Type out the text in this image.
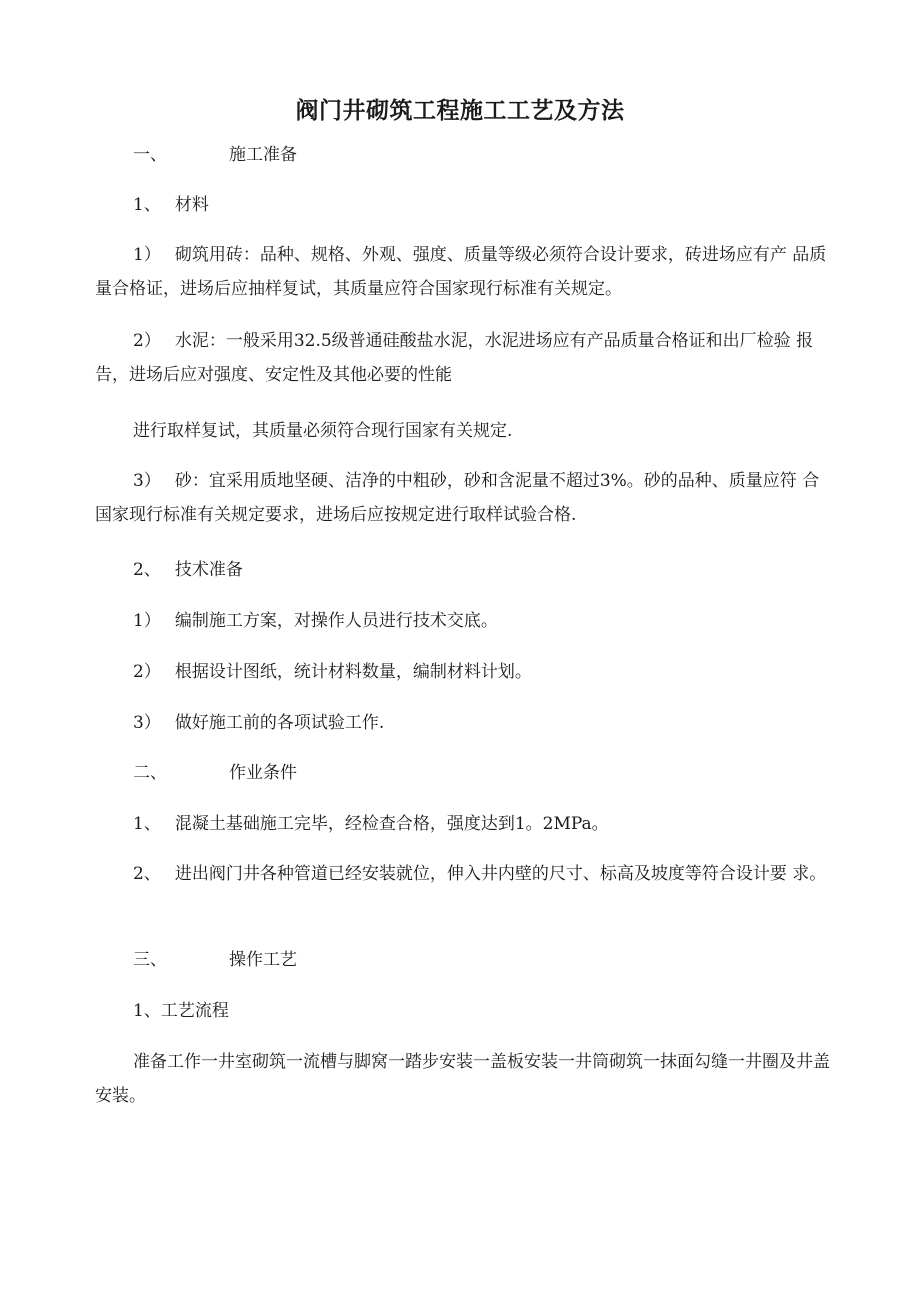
阀门井砌筑工程施工工艺及方法

一、	施工准备

1、 材料

1） 砌筑用砖：品种、规格、外观、强度、质量等级必须符合设计要求，砖进场应有产 品质量合格证，进场后应抽样复试，其质量应符合国家现行标准有关规定。

2） 水泥：一般采用32.5级普通硅酸盐水泥，水泥进场应有产品质量合格证和出厂检验 报告，进场后应对强度、安定性及其他必要的性能

进行取样复试，其质量必须符合现行国家有关规定.

3） 砂：宜采用质地坚硬、洁净的中粗砂，砂和含泥量不超过3%。砂的品种、质量应符 合国家现行标准有关规定要求，进场后应按规定进行取样试验合格.

2、 技术准备

1） 编制施工方案，对操作人员进行技术交底。

2） 根据设计图纸，统计材料数量，编制材料计划。

3） 做好施工前的各项试验工作.

二、	作业条件

1、 混凝土基础施工完毕，经检查合格，强度达到1。2MPa。

2、 进出阀门井各种管道已经安装就位，伸入井内壁的尺寸、标高及坡度等符合设计要 求。

三、	操作工艺

1、工艺流程

准备工作一井室砌筑一流槽与脚窝一踏步安装一盖板安装一井筒砌筑一抹面勾缝一井圈及井盖安装。
